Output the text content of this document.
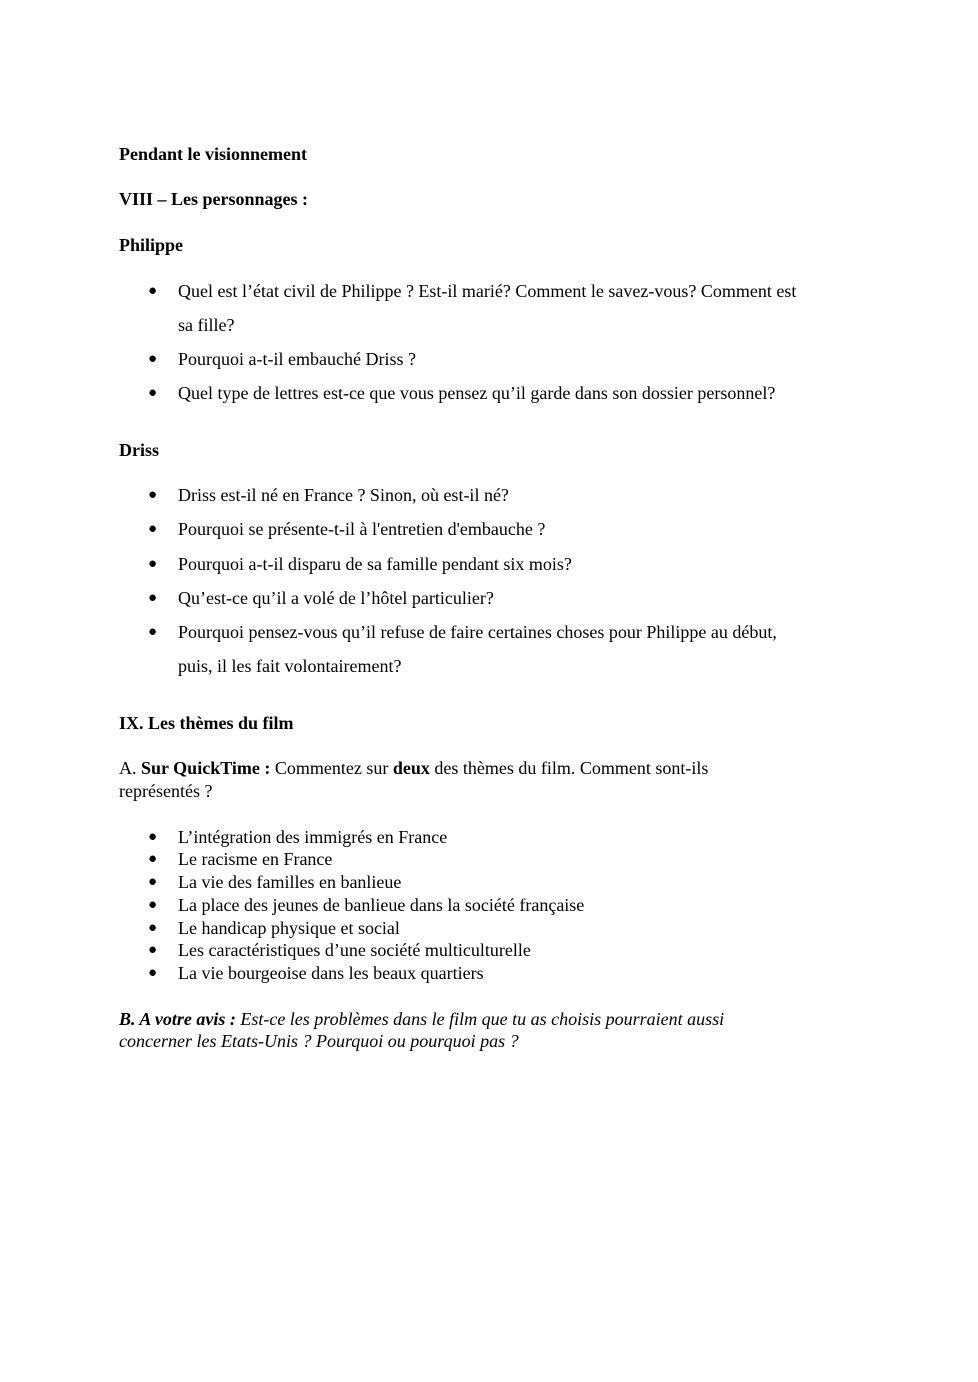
Pendant le visionnement
VIII – Les personnages :
Philippe
● Quel est l’état civil de Philippe ? Est-il marié? Comment le savez-vous? Comment est
sa fille?
● Pourquoi a-t-il embauché Driss ?
● Quel type de lettres est-ce que vous pensez qu’il garde dans son dossier personnel?
Driss
● Driss est-il né en France ? Sinon, où est-il né?
● Pourquoi se présente-t-il à l'entretien d'embauche ?
● Pourquoi a-t-il disparu de sa famille pendant six mois?
● Qu’est-ce qu’il a volé de l’hôtel particulier?
● Pourquoi pensez-vous qu’il refuse de faire certaines choses pour Philippe au début,
puis, il les fait volontairement?
IX. Les thèmes du film
A. Sur QuickTime : Commentez sur deux des thèmes du film. Comment sont-ils
représentés ?
● L’intégration des immigrés en France
● Le racisme en France
● La vie des familles en banlieue
● La place des jeunes de banlieue dans la société française
● Le handicap physique et social
● Les caractéristiques d’une société multiculturelle
● La vie bourgeoise dans les beaux quartiers
B. A votre avis : Est-ce les problèmes dans le film que tu as choisis pourraient aussi
concerner les Etats-Unis ? Pourquoi ou pourquoi pas ?
